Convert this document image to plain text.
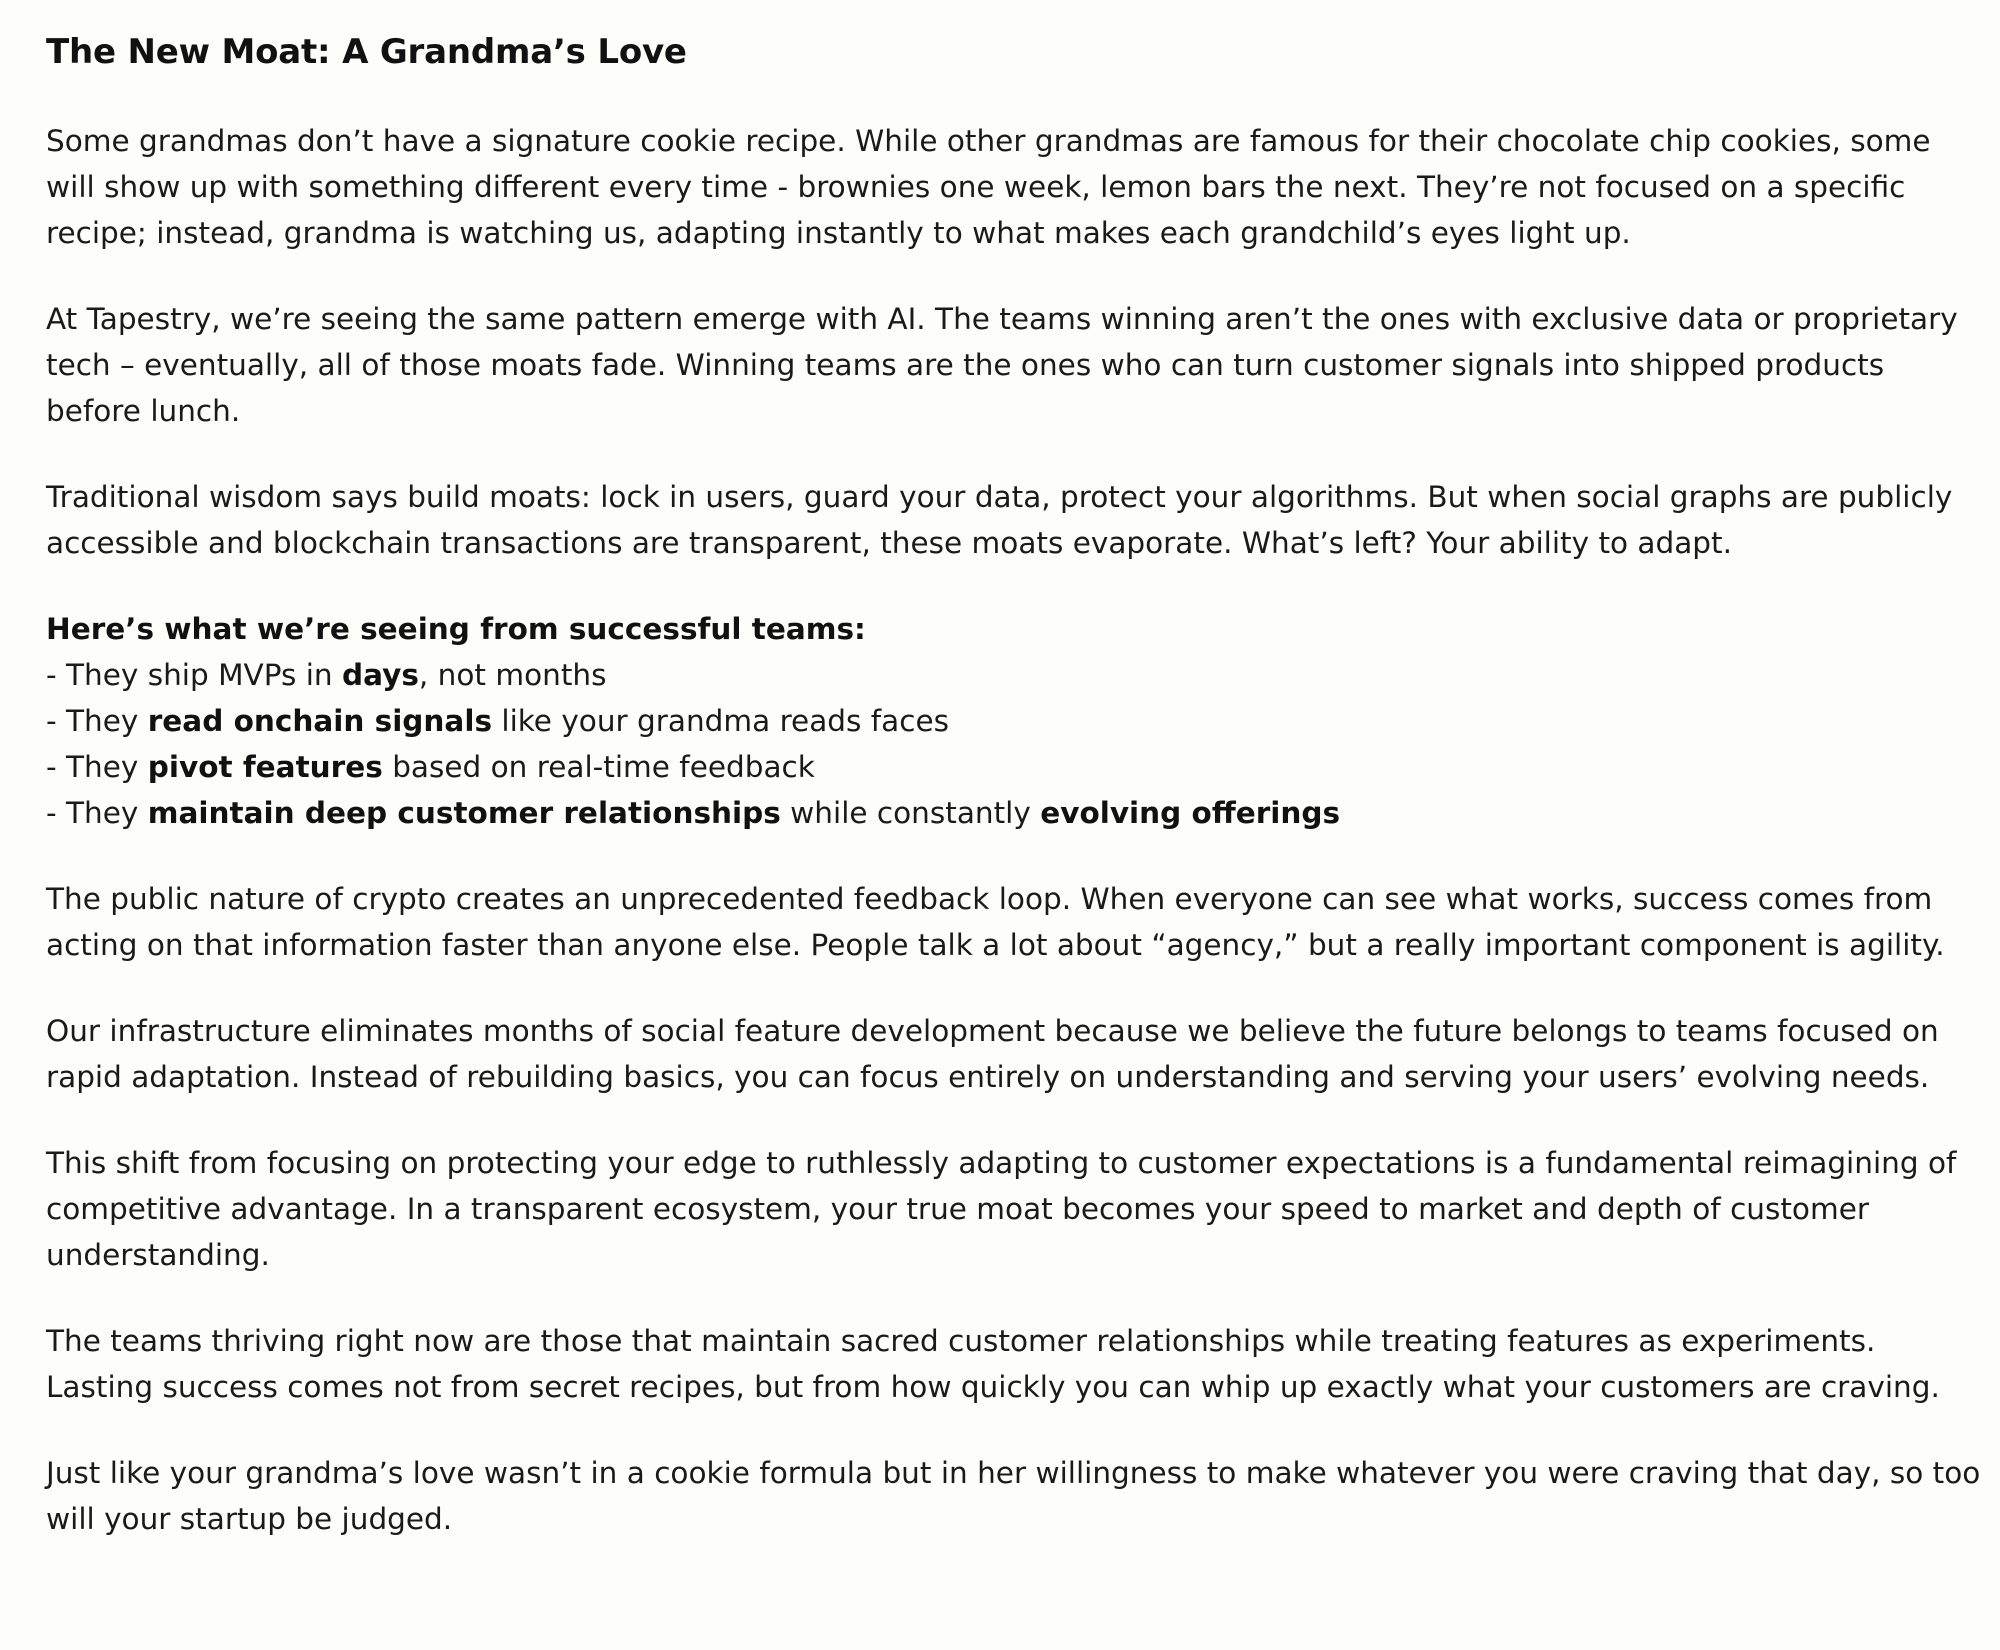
The New Moat: A Grandma’s Love

Some grandmas don’t have a signature cookie recipe. While other grandmas are famous for their chocolate chip cookies, some
will show up with something different every time - brownies one week, lemon bars the next. They’re not focused on a specific
recipe; instead, grandma is watching us, adapting instantly to what makes each grandchild’s eyes light up.

At Tapestry, we’re seeing the same pattern emerge with AI. The teams winning aren’t the ones with exclusive data or proprietary
tech – eventually, all of those moats fade. Winning teams are the ones who can turn customer signals into shipped products
before lunch.

Traditional wisdom says build moats: lock in users, guard your data, protect your algorithms. But when social graphs are publicly
accessible and blockchain transactions are transparent, these moats evaporate. What’s left? Your ability to adapt.

Here’s what we’re seeing from successful teams:
- They ship MVPs in days, not months
- They read onchain signals like your grandma reads faces
- They pivot features based on real-time feedback
- They maintain deep customer relationships while constantly evolving offerings

The public nature of crypto creates an unprecedented feedback loop. When everyone can see what works, success comes from
acting on that information faster than anyone else. People talk a lot about “agency,” but a really important component is agility.

Our infrastructure eliminates months of social feature development because we believe the future belongs to teams focused on
rapid adaptation. Instead of rebuilding basics, you can focus entirely on understanding and serving your users’ evolving needs.

This shift from focusing on protecting your edge to ruthlessly adapting to customer expectations is a fundamental reimagining of
competitive advantage. In a transparent ecosystem, your true moat becomes your speed to market and depth of customer
understanding.

The teams thriving right now are those that maintain sacred customer relationships while treating features as experiments.
Lasting success comes not from secret recipes, but from how quickly you can whip up exactly what your customers are craving.

Just like your grandma’s love wasn’t in a cookie formula but in her willingness to make whatever you were craving that day, so too
will your startup be judged.
